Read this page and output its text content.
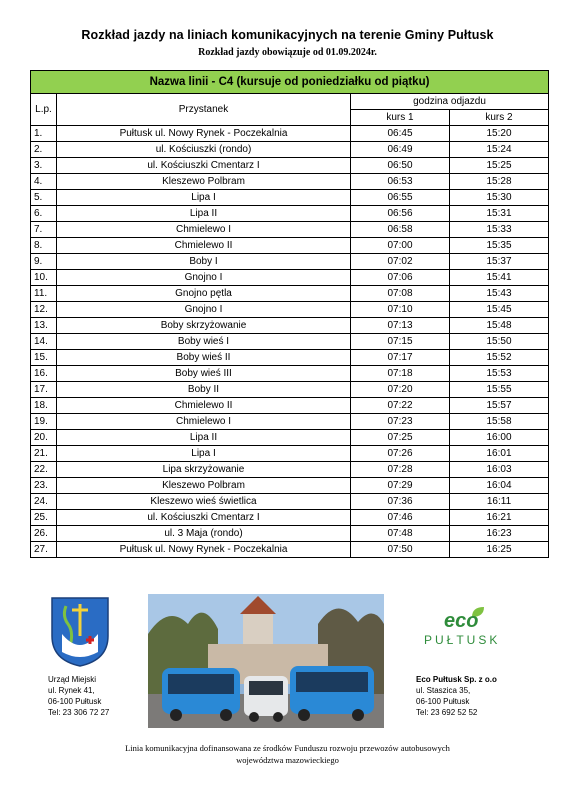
Rozkład jazdy na liniach komunikacyjnych na terenie Gminy Pułtusk
Rozkład jazdy obowiązuje od 01.09.2024r.
Nazwa linii - C4 (kursuje od poniedziałku od piątku)			
L.p.	Przystanek	godzina odjazdu	
		kurs 1	kurs 2
1.	Pułtusk ul. Nowy Rynek - Poczekalnia	06:45	15:20
2.	ul. Kościuszki (rondo)	06:49	15:24
3.	ul. Kościuszki Cmentarz I	06:50	15:25
4.	Kleszewo Polbram	06:53	15:28
5.	Lipa I	06:55	15:30
6.	Lipa II	06:56	15:31
7.	Chmielewo I	06:58	15:33
8.	Chmielewo II	07:00	15:35
9.	Boby I	07:02	15:37
10.	Gnojno I	07:06	15:41
11.	Gnojno pętla	07:08	15:43
12.	Gnojno I	07:10	15:45
13.	Boby skrzyżowanie	07:13	15:48
14.	Boby wieś I	07:15	15:50
15.	Boby wieś II	07:17	15:52
16.	Boby wieś III	07:18	15:53
17.	Boby II	07:20	15:55
18.	Chmielewo II	07:22	15:57
19.	Chmielewo I	07:23	15:58
20.	Lipa II	07:25	16:00
21.	Lipa I	07:26	16:01
22.	Lipa skrzyżowanie	07:28	16:03
23.	Kleszewo Polbram	07:29	16:04
24.	Kleszewo wieś świetlica	07:36	16:11
25.	ul. Kościuszki Cmentarz I	07:46	16:21
26.	ul. 3 Maja (rondo)	07:48	16:23
27.	Pułtusk ul. Nowy Rynek - Poczekalnia	07:50	16:25
eco
PUŁTUSK
Urząd Miejski
ul. Rynek 41,
06-100 Pułtusk
Tel: 23 306 72 27
Eco Pułtusk Sp. z o.o
ul. Staszica 35,
06-100 Pułtusk
Tel: 23 692 52 52
Linia komunikacyjna dofinansowana ze środków Funduszu rozwoju przewozów autobusowych
województwa mazowieckiego
